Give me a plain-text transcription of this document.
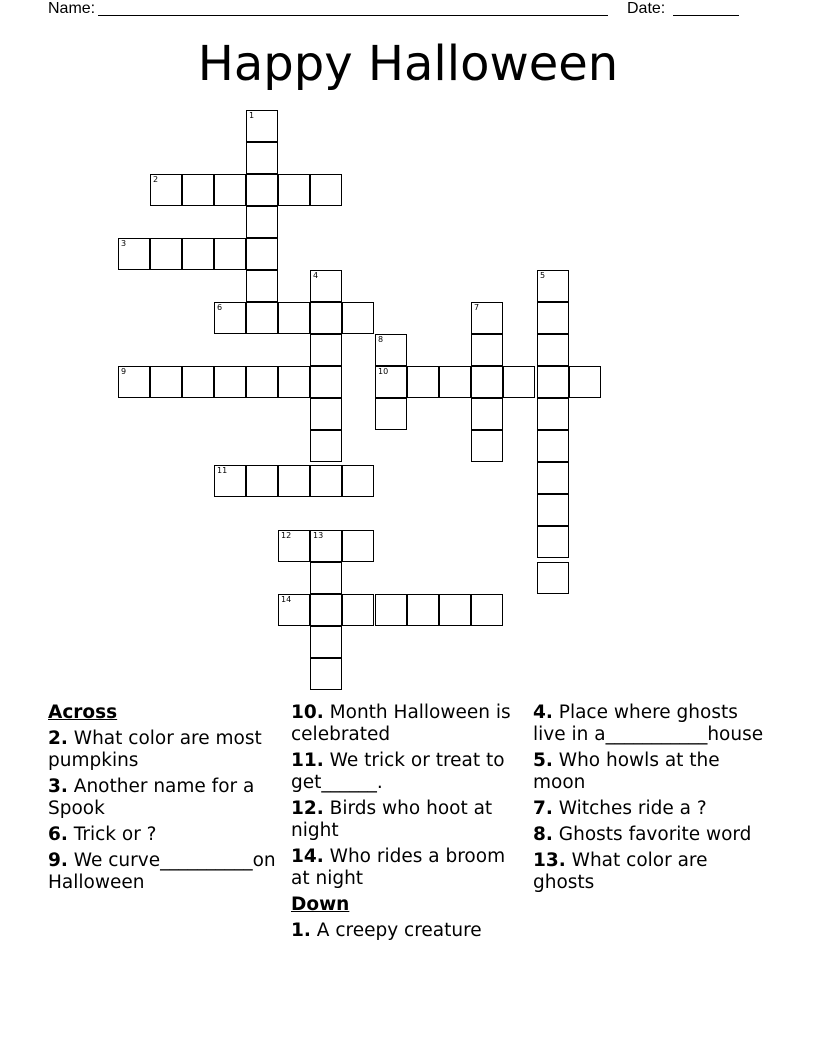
Name:	Date:
Happy Halloween
1
2
3
4
6
9
8
10
7
5
11
12	13
14
Across
2. What color are most pumpkins
3. Another name for a Spook
6. Trick or ?
9. We curve__________on Halloween
10. Month Halloween is celebrated
11. We trick or treat to get______.
12. Birds who hoot at night
14. Who rides a broom at night
Down
1. A creepy creature
4. Place where ghosts live in a___________house
5. Who howls at the moon
7. Witches ride a ?
8. Ghosts favorite word
13. What color are ghosts
